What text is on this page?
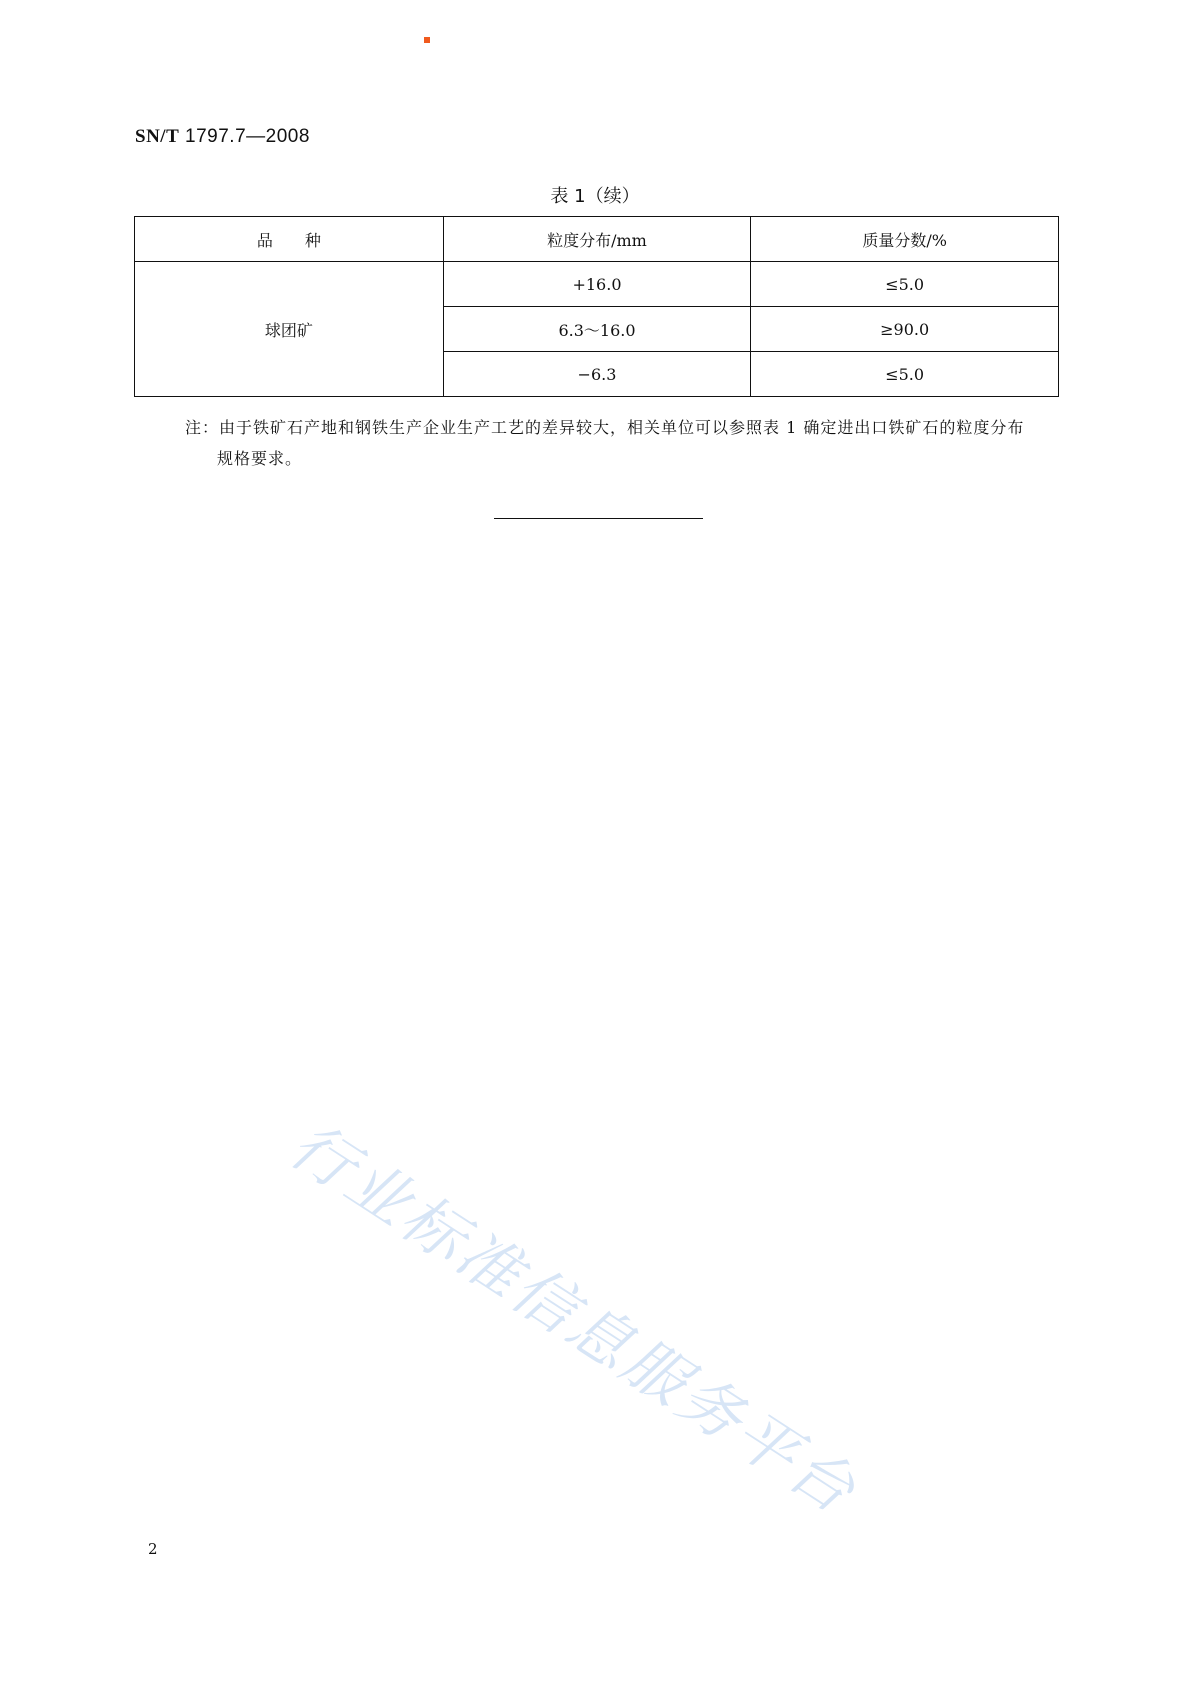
SN/T 1797.7—2008
表 1（续）
品　　种	粒度分布/mm	质量分数/%
球团矿	+16.0	≤5.0
	6.3～16.0	≥90.0
	−6.3	≤5.0
注：由于铁矿石产地和钢铁生产企业生产工艺的差异较大，相关单位可以参照表 1 确定进出口铁矿石的粒度分布
规格要求。
行业标准信息服务平台
2
